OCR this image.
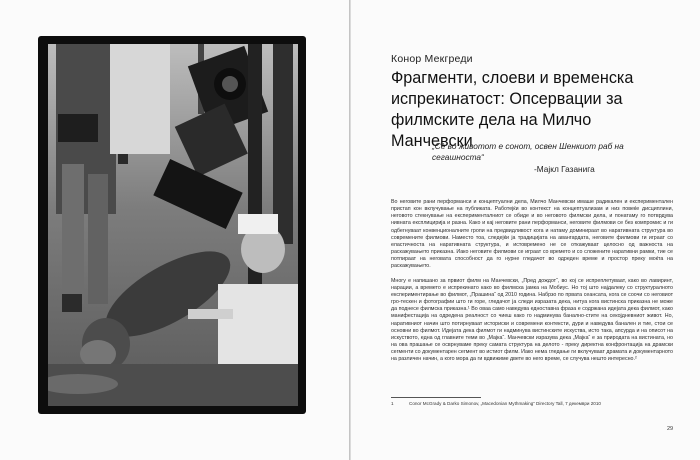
Конор Мекгреди
Фрагменти, слоеви и временска испрекинатост: Опсервации за филмските дела на Милчо Манчевски
„Сè во животот е сонот, освен Шенкиот раб на сегашноста“
-Мајкл Газанига

Во неговите рани перформанси и концептуални дела, Милчо Манчевски имаше радикален и експериментален пристап кон вклучување на публиката. Работејќи во контекст на концептуализам и низ повеќе дисциплини, неговото стекнување на експерименталниот се обиде и во неговото филмски дела, и понатаму го потврдува нивната експлицирија и разна. Како и кај неговите рани перформанси, неговите филмови се без компромис и ги одбегнуваат конвенционалните гропи на предвидливост кога и натаму доминираат во наративната структура во современите филмови. Наместо тоа, следејќи ја традицијата на авангардата, неговите филмови ги играат со еластичноста на наративната структура, и истовремено не се откажуваат целосно од важноста на раскажувањето приказна. Иако неговите филмови се играат со времето и со сложените наративни рамки, тие се потпираат на неговата способност да го нурне гледачот во одреден време и простор преку моќта на раскажувањето.

Многу е напишано за првиот филм на Манчевски, „Пред дождот“, во кој се испреплетуваат, како во лавиринт, нарации, а времето е испрекинато како во филмска јамка на Мобиус. Но тој што најдалеку со структуралното експериментирање во филмот, „Прашина“ од 2010 година. Набрзо по првата сеансата, кога се соочи со неговиот гро-тескен и фотографии што ги горе, гледачот ја следи изразата дека, нитуа кога вистинска приказна не може да поднесе филмска приказна.¹ Во оваа само наведува едноставна фраза е содржана идејата дека филмот, како манифестација на одредена реалност со чиеш како го надминува банално-стите на секојдневниот живот. Но, наративниот начин што потирнуваат историски и современи контексти, дури и наведува банален и тие, стои се основни во филмот. Идејата дека филмот ги надминува вистинските искуства, исто така, апсурда и на описот на искуството, една од главните теми во „Мајка“. Манчевски изразува дека „Мајка“ е за природата на вистината, но на ова прашање се осврнуваме преку самата структура на делото - преку директна конфронтација на драмски сегменти со документарен сегмент во истиот филм. Иако нема гледање ги вклучуваат драмата и документарното на различен начин, а кого мора да ги вдвижиме двете во него време, се случува нешто интересно.²

1	Conor McGrady & Darko Simonov, „Macedonian Mythmaking“ Directory Tall, 7 декември 2010
29
